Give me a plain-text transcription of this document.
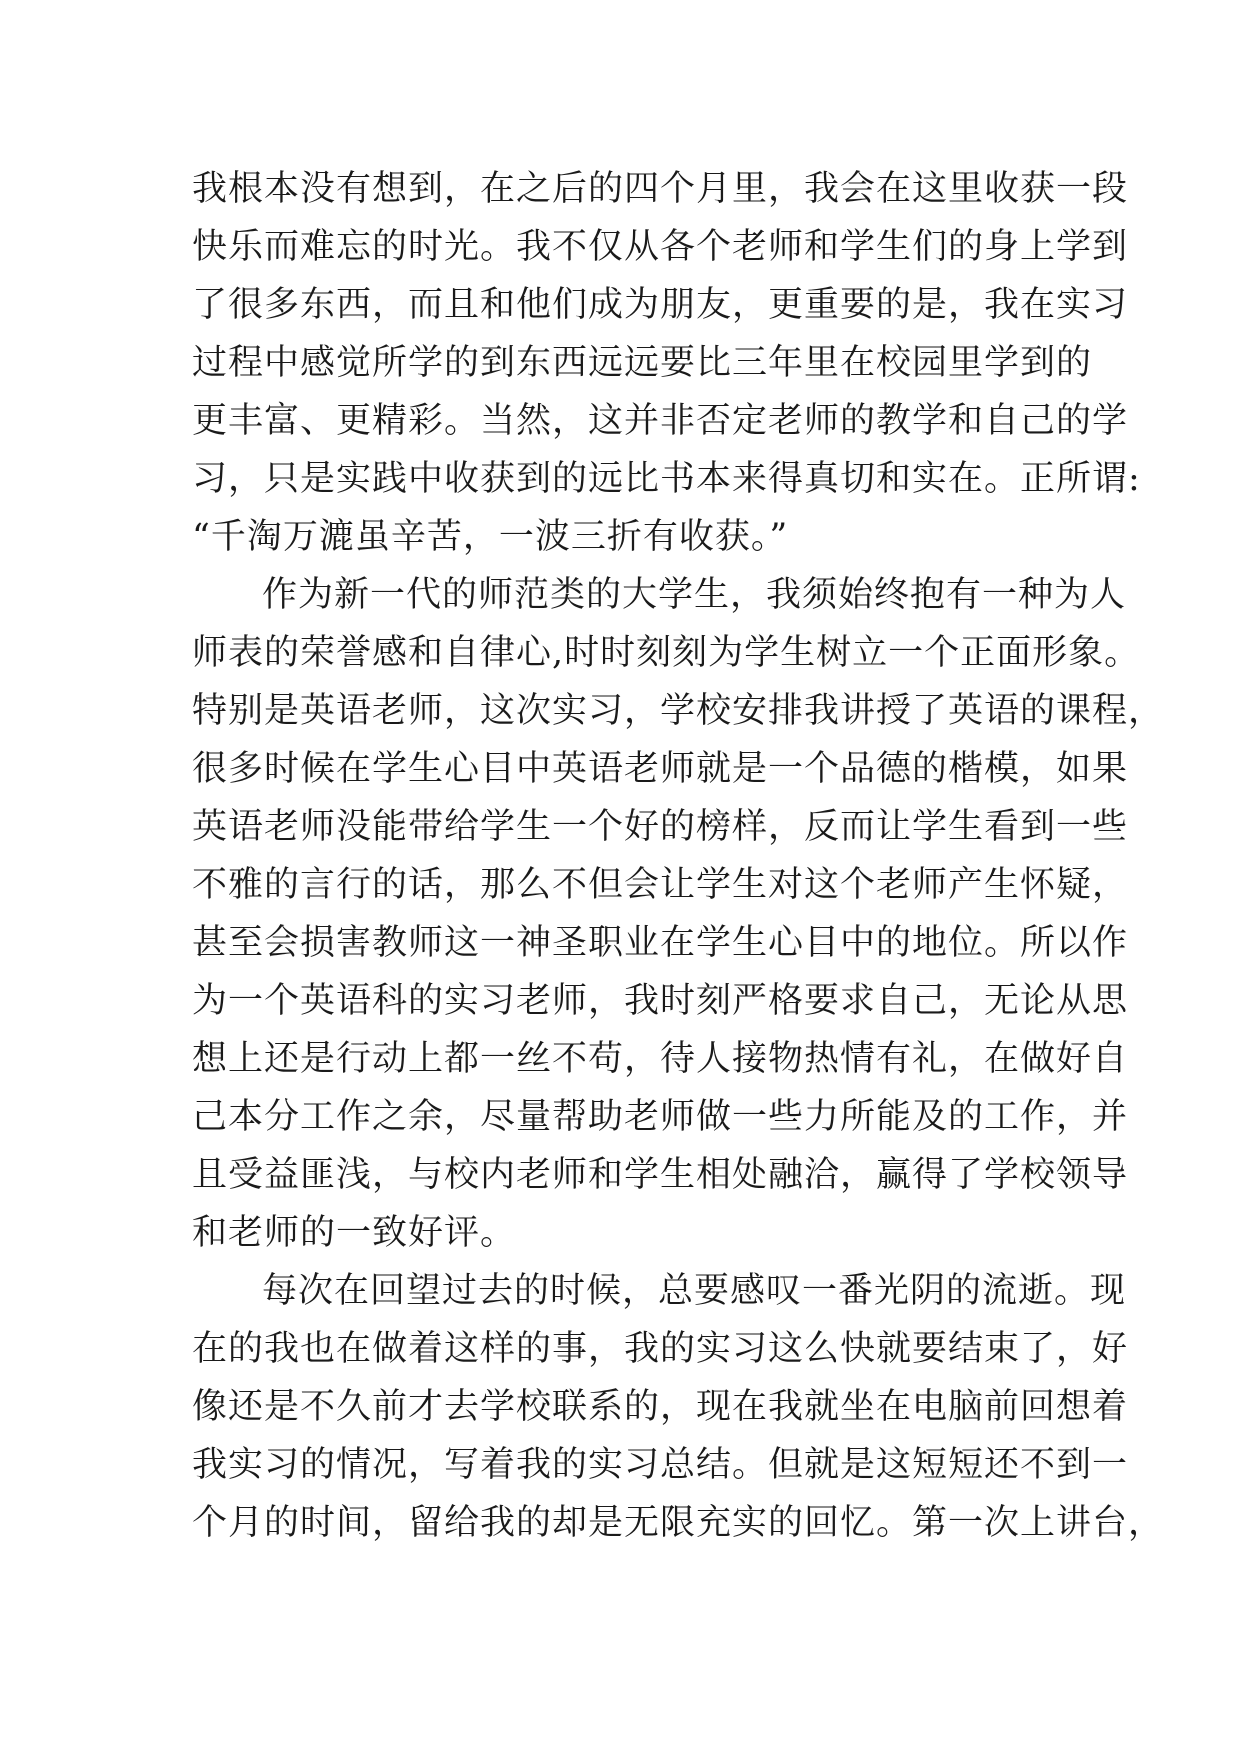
我根本没有想到，在之后的四个月里，我会在这里收获一段
快乐而难忘的时光。我不仅从各个老师和学生们的身上学到
了很多东西，而且和他们成为朋友，更重要的是，我在实习
过程中感觉所学的到东西远远要比三年里在校园里学到的
更丰富、更精彩。当然，这并非否定老师的教学和自己的学
习，只是实践中收获到的远比书本来得真切和实在。正所谓:
“千淘万漉虽辛苦，一波三折有收获。”
作为新一代的师范类的大学生，我须始终抱有一种为人
师表的荣誉感和自律心,时时刻刻为学生树立一个正面形象。
特别是英语老师，这次实习，学校安排我讲授了英语的课程，
很多时候在学生心目中英语老师就是一个品德的楷模，如果
英语老师没能带给学生一个好的榜样，反而让学生看到一些
不雅的言行的话，那么不但会让学生对这个老师产生怀疑，
甚至会损害教师这一神圣职业在学生心目中的地位。所以作
为一个英语科的实习老师，我时刻严格要求自己，无论从思
想上还是行动上都一丝不苟，待人接物热情有礼，在做好自
己本分工作之余，尽量帮助老师做一些力所能及的工作，并
且受益匪浅，与校内老师和学生相处融洽，赢得了学校领导
和老师的一致好评。
每次在回望过去的时候，总要感叹一番光阴的流逝。现
在的我也在做着这样的事，我的实习这么快就要结束了，好
像还是不久前才去学校联系的，现在我就坐在电脑前回想着
我实习的情况，写着我的实习总结。但就是这短短还不到一
个月的时间，留给我的却是无限充实的回忆。第一次上讲台，
